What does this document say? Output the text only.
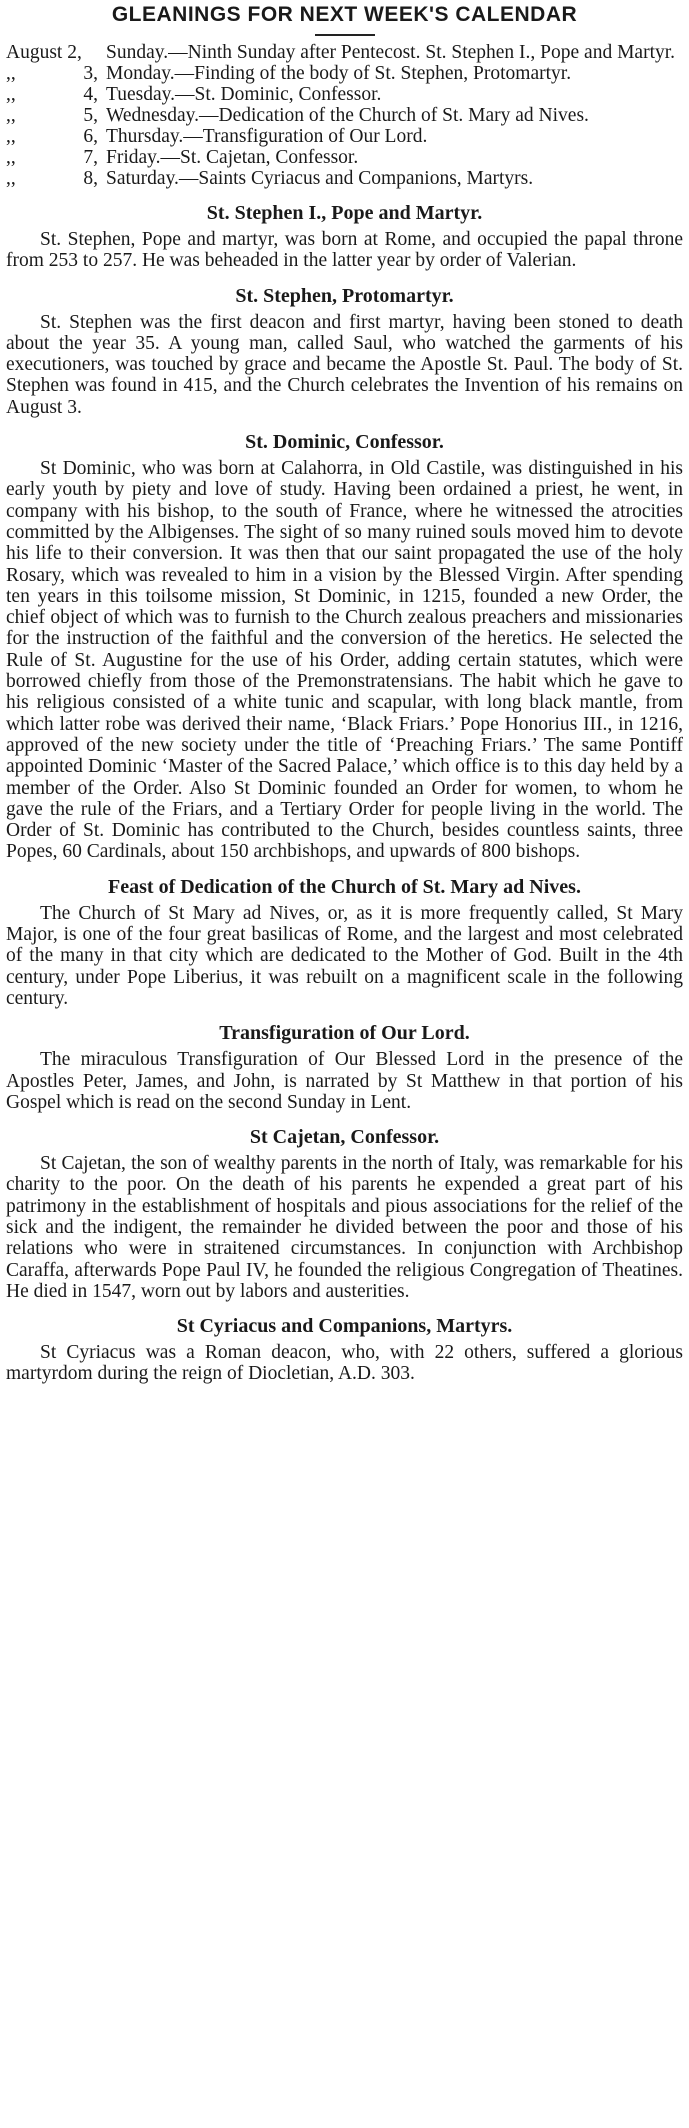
GLEANINGS FOR NEXT WEEK'S CALENDAR
August 2,	Sunday.—Ninth Sunday after Pentecost. St. Stephen I., Pope and Martyr.
,,	3, Monday.—Finding of the body of St. Stephen, Protomartyr.
,,	4, Tuesday.—St. Dominic, Confessor.
,,	5, Wednesday.—Dedication of the Church of St. Mary ad Nives.
,,	6, Thursday.—Transfiguration of Our Lord.
,,	7, Friday.—St. Cajetan, Confessor.
,,	8, Saturday.—Saints Cyriacus and Companions, Martyrs.
St. Stephen I., Pope and Martyr.

St. Stephen, Pope and martyr, was born at Rome, and occupied the papal throne from 253 to 257. He was beheaded in the latter year by order of Valerian.

St. Stephen, Protomartyr.

St. Stephen was the first deacon and first martyr, having been stoned to death about the year 35. A young man, called Saul, who watched the garments of his executioners, was touched by grace and became the Apostle St. Paul. The body of St. Stephen was found in 415, and the Church celebrates the Invention of his remains on August 3.

St. Dominic, Confessor.

St Dominic, who was born at Calahorra, in Old Castile, was distinguished in his early youth by piety and love of study. Having been ordained a priest, he went, in company with his bishop, to the south of France, where he witnessed the atrocities committed by the Albigenses. The sight of so many ruined souls moved him to devote his life to their conversion. It was then that our saint propagated the use of the holy Rosary, which was revealed to him in a vision by the Blessed Virgin. After spending ten years in this toilsome mission, St Dominic, in 1215, founded a new Order, the chief object of which was to furnish to the Church zealous preachers and missionaries for the instruction of the faithful and the conversion of the heretics. He selected the Rule of St. Augustine for the use of his Order, adding certain statutes, which were borrowed chiefly from those of the Premonstratensians. The habit which he gave to his religious consisted of a white tunic and scapular, with long black mantle, from which latter robe was derived their name, ‘Black Friars.’ Pope Honorius III., in 1216, approved of the new society under the title of ‘Preaching Friars.’ The same Pontiff appointed Dominic ‘Master of the Sacred Palace,’ which office is to this day held by a member of the Order. Also St Dominic founded an Order for women, to whom he gave the rule of the Friars, and a Tertiary Order for people living in the world. The Order of St. Dominic has contributed to the Church, besides countless saints, three Popes, 60 Cardinals, about 150 archbishops, and upwards of 800 bishops.

Feast of Dedication of the Church of St. Mary ad Nives.

The Church of St Mary ad Nives, or, as it is more frequently called, St Mary Major, is one of the four great basilicas of Rome, and the largest and most celebrated of the many in that city which are dedicated to the Mother of God. Built in the 4th century, under Pope Liberius, it was rebuilt on a magnificent scale in the following century.

Transfiguration of Our Lord.

The miraculous Transfiguration of Our Blessed Lord in the presence of the Apostles Peter, James, and John, is narrated by St Matthew in that portion of his Gospel which is read on the second Sunday in Lent.

St Cajetan, Confessor.

St Cajetan, the son of wealthy parents in the north of Italy, was remarkable for his charity to the poor. On the death of his parents he expended a great part of his patrimony in the establishment of hospitals and pious associations for the relief of the sick and the indigent, the remainder he divided between the poor and those of his relations who were in straitened circumstances. In conjunction with Archbishop Caraffa, afterwards Pope Paul IV, he founded the religious Congregation of Theatines. He died in 1547, worn out by labors and austerities.

St Cyriacus and Companions, Martyrs.

St Cyriacus was a Roman deacon, who, with 22 others, suffered a glorious martyrdom during the reign of Diocletian, A.D. 303.
